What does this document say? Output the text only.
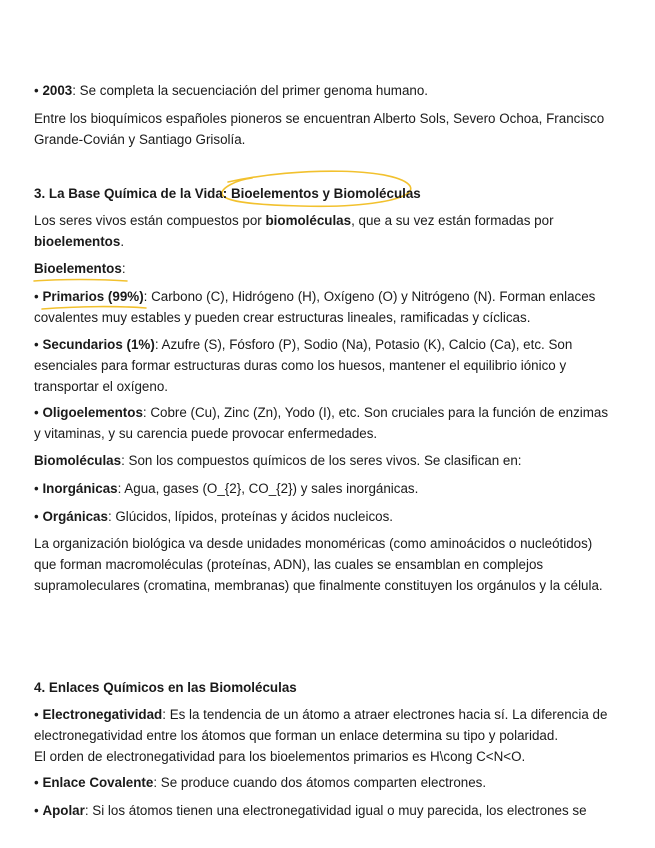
• 2003: Se completa la secuenciación del primer genoma humano.

Entre los bioquímicos españoles pioneros se encuentran Alberto Sols, Severo Ochoa, Francisco Grande-Covián y Santiago Grisolía.

3. La Base Química de la Vida: Bioelementos y Biomoléculas

Los seres vivos están compuestos por biomoléculas, que a su vez están formadas por bioelementos.

Bioelementos:

• Primarios (99%): Carbono (C), Hidrógeno (H), Oxígeno (O) y Nitrógeno (N). Forman enlaces covalentes muy estables y pueden crear estructuras lineales, ramificadas y cíclicas.

• Secundarios (1%): Azufre (S), Fósforo (P), Sodio (Na), Potasio (K), Calcio (Ca), etc. Son esenciales para formar estructuras duras como los huesos, mantener el equilibrio iónico y transportar el oxígeno.

• Oligoelementos: Cobre (Cu), Zinc (Zn), Yodo (I), etc. Son cruciales para la función de enzimas y vitaminas, y su carencia puede provocar enfermedades.

Biomoléculas: Son los compuestos químicos de los seres vivos. Se clasifican en:

• Inorgánicas: Agua, gases (O_{2}, CO_{2}) y sales inorgánicas.

• Orgánicas: Glúcidos, lípidos, proteínas y ácidos nucleicos.

La organización biológica va desde unidades monoméricas (como aminoácidos o nucleótidos) que forman macromoléculas (proteínas, ADN), las cuales se ensamblan en complejos supramoleculares (cromatina, membranas) que finalmente constituyen los orgánulos y la célula.

4. Enlaces Químicos en las Biomoléculas

• Electronegatividad: Es la tendencia de un átomo a atraer electrones hacia sí. La diferencia de electronegatividad entre los átomos que forman un enlace determina su tipo y polaridad.
El orden de electronegatividad para los bioelementos primarios es H\cong C<N<O.

• Enlace Covalente: Se produce cuando dos átomos comparten electrones.

• Apolar: Si los átomos tienen una electronegatividad igual o muy parecida, los electrones se
